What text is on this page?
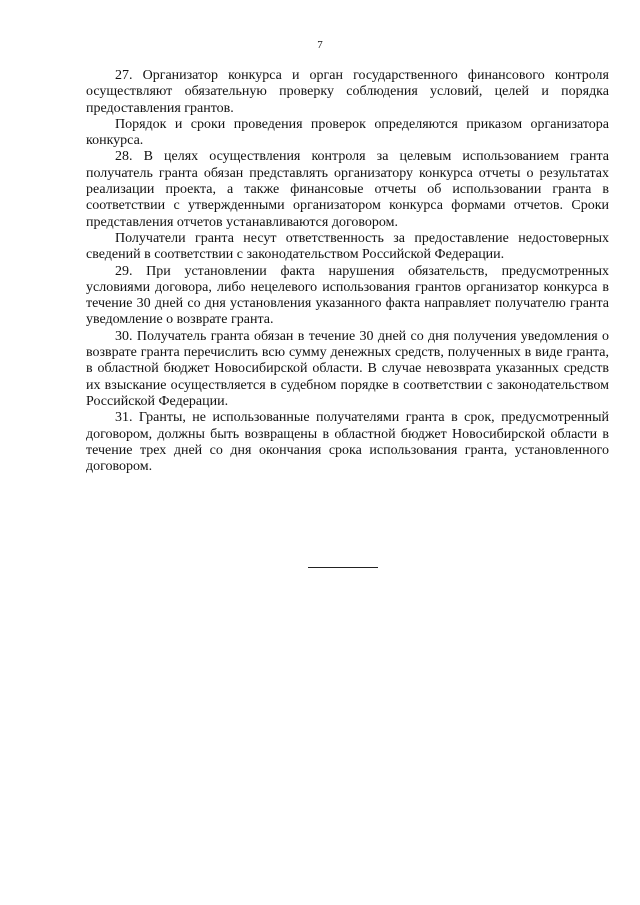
7

27. Организатор конкурса и орган государственного финансового контроля осуществляют обязательную проверку соблюдения условий, целей и порядка предоставления грантов.

Порядок и сроки проведения проверок определяются приказом организатора конкурса.

28. В целях осуществления контроля за целевым использованием гранта получатель гранта обязан представлять организатору конкурса отчеты о результатах реализации проекта, а также финансовые отчеты об использовании гранта в соответствии с утвержденными организатором конкурса формами отчетов. Сроки представления отчетов устанавливаются договором.

Получатели гранта несут ответственность за предоставление недостоверных сведений в соответствии с законодательством Российской Федерации.

29. При установлении факта нарушения обязательств, предусмотренных условиями договора, либо нецелевого использования грантов организатор конкурса в течение 30 дней со дня установления указанного факта направляет получателю гранта уведомление о возврате гранта.

30. Получатель гранта обязан в течение 30 дней со дня получения уведомления о возврате гранта перечислить всю сумму денежных средств, полученных в виде гранта, в областной бюджет Новосибирской области. В случае невозврата указанных средств их взыскание осуществляется в судебном порядке в соответствии с законодательством Российской Федерации.

31. Гранты, не использованные получателями гранта в срок, предусмотренный договором, должны быть возвращены в областной бюджет Новосибирской области в течение трех дней со дня окончания срока использования гранта, установленного договором.
